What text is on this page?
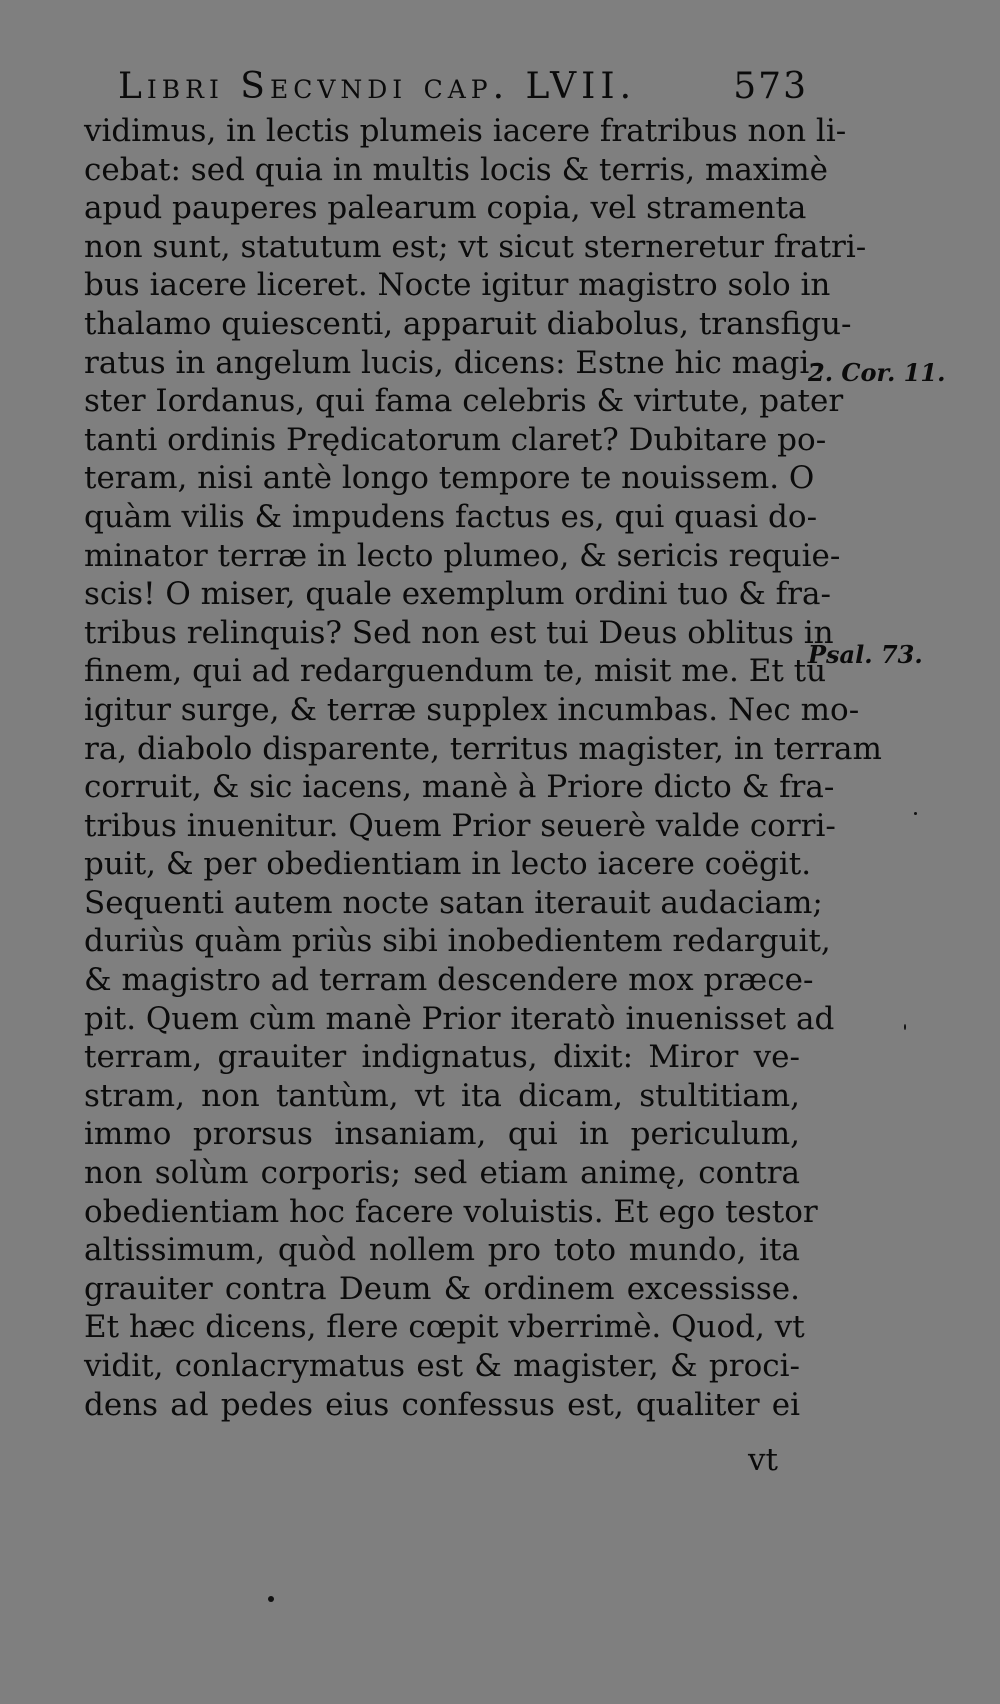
Libri Secvndi cap. LVII.	573
vidimus, in lectis plumeis iacere fratribus non li-
cebat: sed quia in multis locis & terris, maximè
apud pauperes palearum copia, vel stramenta
non sunt, statutum est; vt sicut sterneretur fratri-
bus iacere liceret. Nocte igitur magistro solo in
thalamo quiescenti, apparuit diabolus, transfigu-
ratus in angelum lucis, dicens: Estne hic magi-
ster Iordanus, qui fama celebris & virtute, pater
tanti ordinis Prędicatorum claret? Dubitare po-
teram, nisi antè longo tempore te nouissem. O
quàm vilis & impudens factus es, qui quasi do-
minator terræ in lecto plumeo, & sericis requie-
scis! O miser, quale exemplum ordini tuo & fra-
tribus relinquis? Sed non est tui Deus oblitus in
finem, qui ad redarguendum te, misit me. Et tu
igitur surge, & terræ supplex incumbas. Nec mo-
ra, diabolo disparente, territus magister, in terram
corruit, & sic iacens, manè à Priore dicto & fra-
tribus inuenitur. Quem Prior seuerè valde corri-
puit, & per obedientiam in lecto iacere coëgit.
Sequenti autem nocte satan iterauit audaciam;
duriùs quàm priùs sibi inobedientem redarguit,
& magistro ad terram descendere mox præce-
pit. Quem cùm manè Prior iteratò inuenisset ad
terram, grauiter indignatus, dixit: Miror ve-
stram, non tantùm, vt ita dicam, stultitiam,
immo prorsus insaniam, qui in periculum,
non solùm corporis; sed etiam animę, contra
obedientiam hoc facere voluistis. Et ego testor
altissimum, quòd nollem pro toto mundo, ita
grauiter contra Deum & ordinem excessisse.
Et hæc dicens, flere cœpit vberrimè. Quod, vt
vidit, conlacrymatus est & magister, & proci-
dens ad pedes eius confessus est, qualiter ei
2. Cor. 11.
Psal. 73.
vt
